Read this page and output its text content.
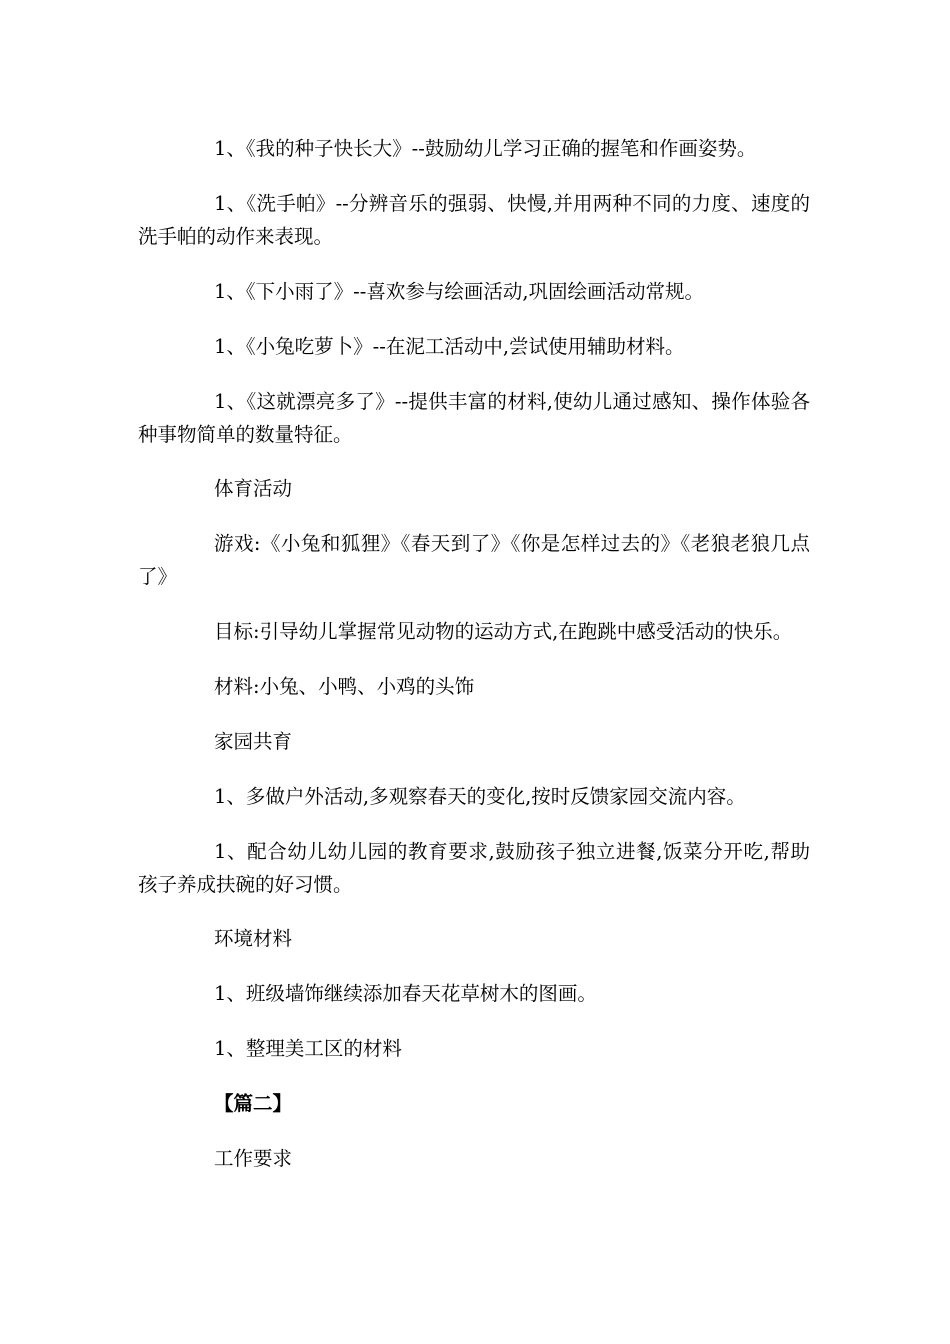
1、《我的种子快长大》--鼓励幼儿学习正确的握笔和作画姿势。

1、《洗手帕》--分辨音乐的强弱、快慢,并用两种不同的力度、速度的洗手帕的动作来表现。

1、《下小雨了》--喜欢参与绘画活动,巩固绘画活动常规。

1、《小兔吃萝卜》--在泥工活动中,尝试使用辅助材料。

1、《这就漂亮多了》--提供丰富的材料,使幼儿通过感知、操作体验各种事物简单的数量特征。

体育活动

游戏:《小兔和狐狸》《春天到了》《你是怎样过去的》《老狼老狼几点了》

目标:引导幼儿掌握常见动物的运动方式,在跑跳中感受活动的快乐。

材料:小兔、小鸭、小鸡的头饰

家园共育

1、多做户外活动,多观察春天的变化,按时反馈家园交流内容。

1、配合幼儿幼儿园的教育要求,鼓励孩子独立进餐,饭菜分开吃,帮助孩子养成扶碗的好习惯。

环境材料

1、班级墙饰继续添加春天花草树木的图画。

1、整理美工区的材料

【篇二】

工作要求
